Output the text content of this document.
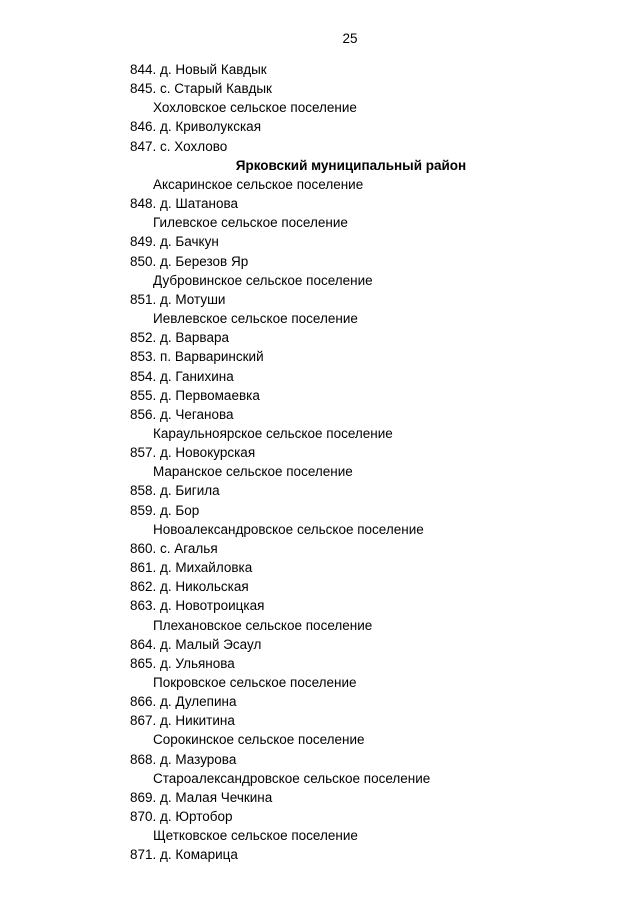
25
844. д. Новый Кавдык
845. с. Старый Кавдык
Хохловское сельское поселение
846. д. Криволукская
847. с. Хохлово
Ярковский муниципальный район
Аксаринское сельское поселение
848. д. Шатанова
Гилевское сельское поселение
849. д. Бачкун
850. д. Березов Яр
Дубровинское сельское поселение
851. д. Мотуши
Иевлевское сельское поселение
852. д. Варвара
853. п. Варваринский
854. д. Ганихина
855. д. Первомаевка
856. д. Чеганова
Караульноярское сельское поселение
857. д. Новокурская
Маранское сельское поселение
858. д. Бигила
859. д. Бор
Новоалександровское сельское поселение
860. с. Агалья
861. д. Михайловка
862. д. Никольская
863. д. Новотроицкая
Плехановское сельское поселение
864. д. Малый Эсаул
865. д. Ульянова
Покровское сельское поселение
866. д. Дулепина
867. д. Никитина
Сорокинское сельское поселение
868. д. Мазурова
Староалександровское сельское поселение
869. д. Малая Чечкина
870. д. Юртобор
Щетковское сельское поселение
871. д. Комарица
